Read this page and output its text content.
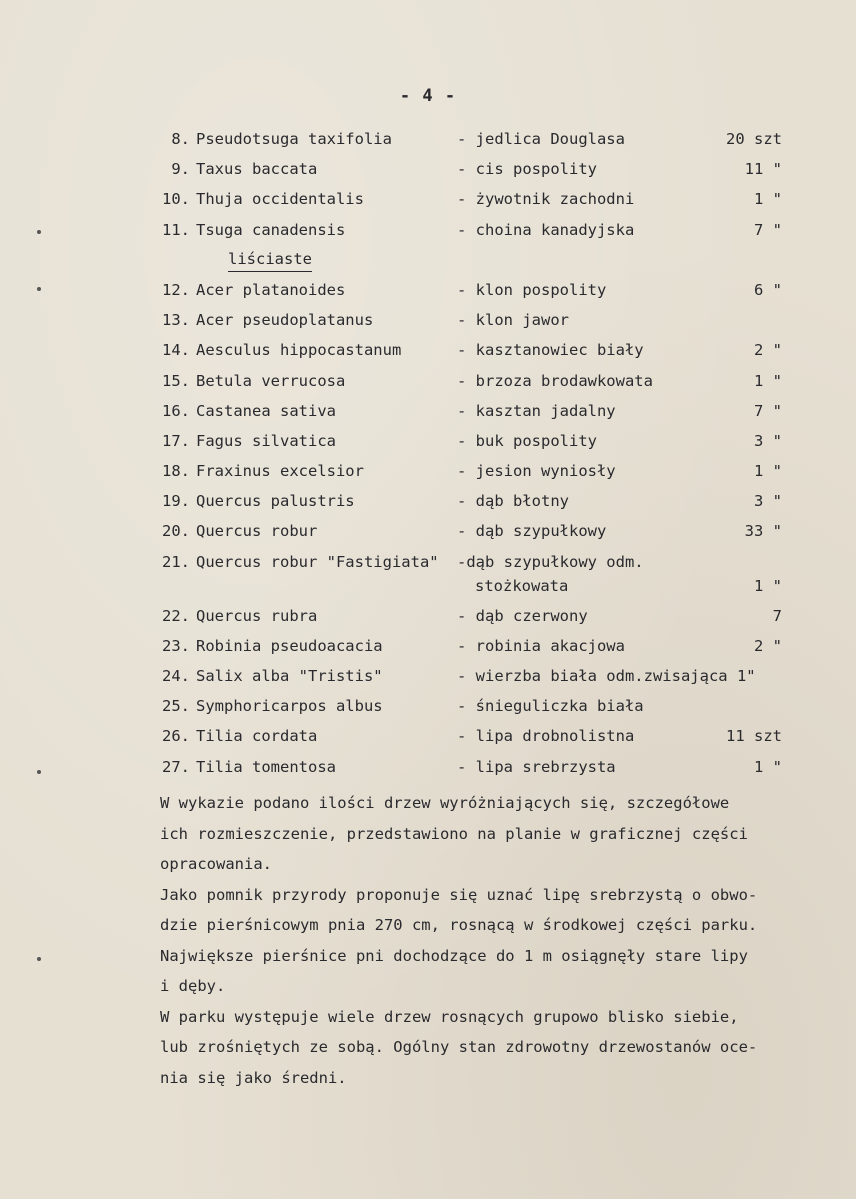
- 4 -
8. Pseudotsuga taxifolia	- jedlica Douglasa	20 szt
9. Taxus baccata	- cis pospolity	11 "
10. Thuja occidentalis	- żywotnik zachodni	1 "
11. Tsuga canadensis	- choina kanadyjska	7 "
liściaste
12. Acer platanoides	- klon pospolity	6 "
13. Acer pseudoplatanus	- klon jawor
14. Aesculus hippocastanum	- kasztanowiec biały	2 "
15. Betula verrucosa	- brzoza brodawkowata	1 "
16. Castanea sativa	- kasztan jadalny	7 "
17. Fagus silvatica	- buk pospolity	3 "
18. Fraxinus excelsior	- jesion wyniosły	1 "
19. Quercus palustris	- dąb błotny	3 "
20. Quercus robur	- dąb szypułkowy	33 "
21. Quercus robur "Fastigiata" -dąb szypułkowy odm.
stożkowata	1 "
22. Quercus rubra	- dąb czerwony	7
23. Robinia pseudoacacia	- robinia akacjowa	2 "
24. Salix alba "Tristis"	- wierzba biała odm.zwisająca 1"
25. Symphoricarpos albus	- śnieguliczka biała
26. Tilia cordata	- lipa drobnolistna	11 szt
27. Tilia tomentosa	- lipa srebrzysta	1 "

W wykazie podano ilości drzew wyróżniających się, szczegółowe

ich rozmieszczenie, przedstawiono na planie w graficznej części

opracowania.

Jako pomnik przyrody proponuje się uznać lipę srebrzystą o obwo-

dzie pierśnicowym pnia 270 cm, rosnącą w środkowej części parku.

Największe pierśnice pni dochodzące do 1 m osiągnęły stare lipy

i dęby.

W parku występuje wiele drzew rosnących grupowo blisko siebie,

lub zrośniętych ze sobą. Ogólny stan zdrowotny drzewostanów oce-

nia się jako średni.
